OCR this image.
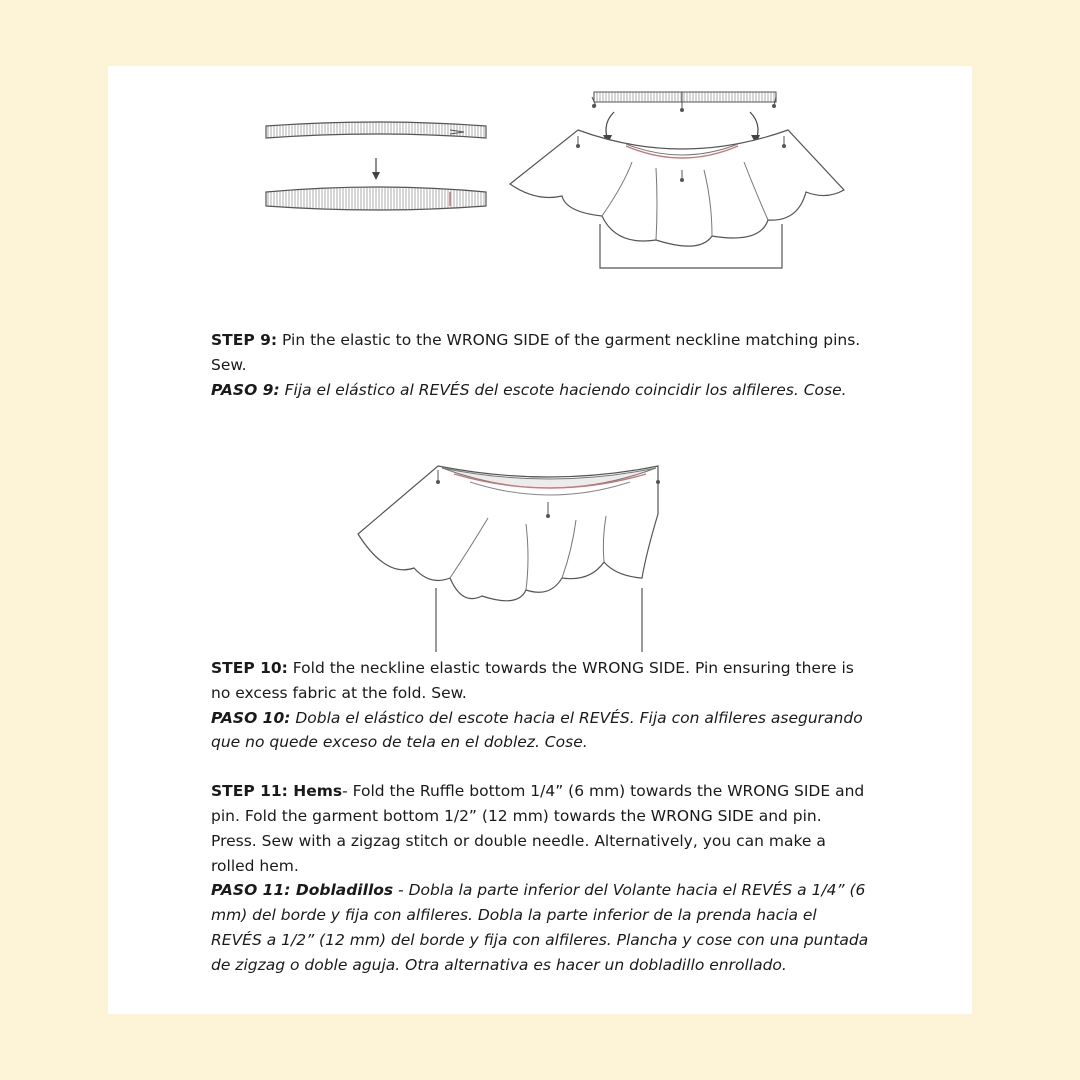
STEP 9: Pin the elastic to the WRONG SIDE of the garment neckline matching pins. Sew.

PASO 9: Fija el elástico al REVÉS del escote haciendo coincidir los alfileres. Cose.

STEP 10: Fold the neckline elastic towards the WRONG SIDE. Pin ensuring there is no excess fabric at the fold. Sew.

PASO 10: Dobla el elástico del escote hacia el REVÉS. Fija con alfileres asegurando que no quede exceso de tela en el doblez. Cose.

STEP 11: Hems- Fold the Ruffle bottom 1/4” (6 mm) towards the WRONG SIDE and pin. Fold the garment bottom 1/2” (12 mm) towards the WRONG SIDE and pin. Press. Sew with a zigzag stitch or double needle. Alternatively, you can make a rolled hem.

PASO 11: Dobladillos - Dobla la parte inferior del Volante hacia el REVÉS a 1/4” (6 mm) del borde y fija con alfileres. Dobla la parte inferior de la prenda hacia el REVÉS a 1/2” (12 mm) del borde y fija con alfileres. Plancha y cose con una puntada de zigzag o doble aguja. Otra alternativa es hacer un dobladillo enrollado.
